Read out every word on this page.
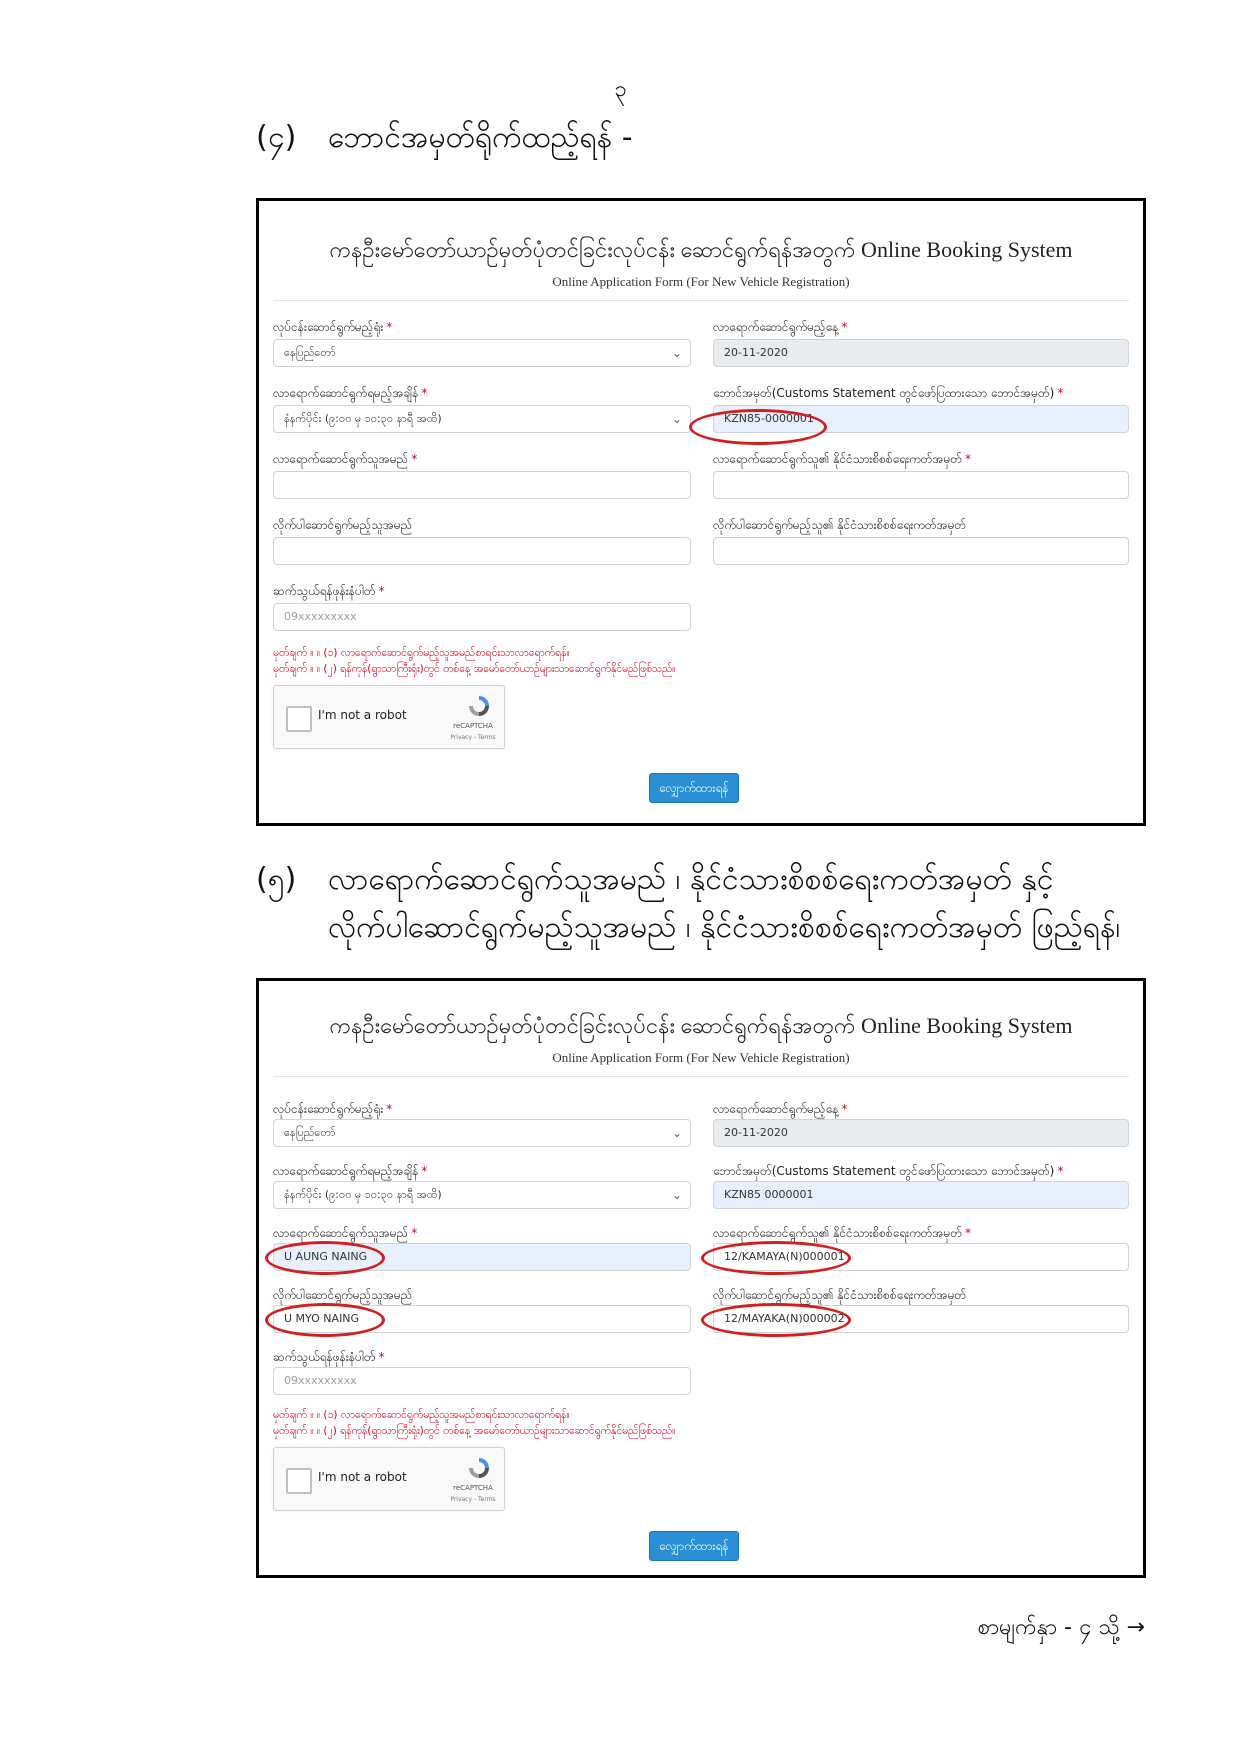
၃
(၄) ဘောင်အမှတ်ရိုက်ထည့်ရန် -
ကနဦးမော်တော်ယာဉ်မှတ်ပုံတင်ခြင်းလုပ်ငန်း ဆောင်ရွက်ရန်အတွက် Online Booking System
Online Application Form (For New Vehicle Registration)
လုပ်ငန်းဆောင်ရွက်မည့်ရုံး *
နေပြည်တော်	⌄
လာရောက်ဆောင်ရွက်မည့်နေ့ *
20-11-2020
လာရောက်ဆောင်ရွက်ရမည့်အချိန် *
နံနက်ပိုင်း (၉:၀၀ မှ ၁၀:၃၀ နာရီ အထိ)	⌄
ဘောင်အမှတ်(Customs Statement တွင်ဖော်ပြထားသော ဘောင်အမှတ်) *
KZN85-0000001
လာရောက်ဆောင်ရွက်သူအမည် *	လာရောက်ဆောင်ရွက်သူ၏ နိုင်ငံသားစိစစ်ရေးကတ်အမှတ် *
လိုက်ပါဆောင်ရွက်မည့်သူအမည်	လိုက်ပါဆောင်ရွက်မည့်သူ၏ နိုင်ငံသားစိစစ်ရေးကတ်အမှတ်
ဆက်သွယ်ရန်ဖုန်းနံပါတ် *
09xxxxxxxxx
မှတ်ချက် ။ ။ (၁) လာရောက်ဆောင်ရွက်မည့်သူအမည်စာရင်းသာလာရောက်ရန်။
မှတ်ချက် ။ ။ (၂) ရန်ကုန်(ရွာသာကြီးရုံး)တွင် တစ်နေ့ အမော်တော်ယာဉ်များသာဆောင်ရွက်နိုင်မည်ဖြစ်သည်။
I'm not a robot
reCAPTCHA
Privacy - Terms
လျှောက်ထားရန်
(၅) လာရောက်ဆောင်ရွက်သူအမည် ၊ နိုင်ငံသားစိစစ်ရေးကတ်အမှတ် နှင့်
လိုက်ပါဆောင်ရွက်မည့်သူအမည် ၊ နိုင်ငံသားစိစစ်ရေးကတ်အမှတ် ဖြည့်ရန်၊
ကနဦးမော်တော်ယာဉ်မှတ်ပုံတင်ခြင်းလုပ်ငန်း ဆောင်ရွက်ရန်အတွက် Online Booking System
Online Application Form (For New Vehicle Registration)
လုပ်ငန်းဆောင်ရွက်မည့်ရုံး *
နေပြည်တော်	⌄
လာရောက်ဆောင်ရွက်မည့်နေ့ *
20-11-2020
လာရောက်ဆောင်ရွက်ရမည့်အချိန် *
နံနက်ပိုင်း (၉:၀၀ မှ ၁၀:၃၀ နာရီ အထိ)	⌄
ဘောင်အမှတ်(Customs Statement တွင်ဖော်ပြထားသော ဘောင်အမှတ်) *
KZN85 0000001
လာရောက်ဆောင်ရွက်သူအမည် *
U AUNG NAING
လာရောက်ဆောင်ရွက်သူ၏ နိုင်ငံသားစိစစ်ရေးကတ်အမှတ် *
12/KAMAYA(N)000001
လိုက်ပါဆောင်ရွက်မည့်သူအမည်
U MYO NAING
လိုက်ပါဆောင်ရွက်မည့်သူ၏ နိုင်ငံသားစိစစ်ရေးကတ်အမှတ်
12/MAYAKA(N)000002
ဆက်သွယ်ရန်ဖုန်းနံပါတ် *
09xxxxxxxxx
မှတ်ချက် ။ ။ (၁) လာရောက်ဆောင်ရွက်မည့်သူအမည်စာရင်းသာလာရောက်ရန်။
မှတ်ချက် ။ ။ (၂) ရန်ကုန်(ရွာသာကြီးရုံး)တွင် တစ်နေ့ အမော်တော်ယာဉ်များသာဆောင်ရွက်နိုင်မည်ဖြစ်သည်။
I'm not a robot
reCAPTCHA
Privacy - Terms
လျှောက်ထားရန်
စာမျက်နှာ - ၄ သို့ →
